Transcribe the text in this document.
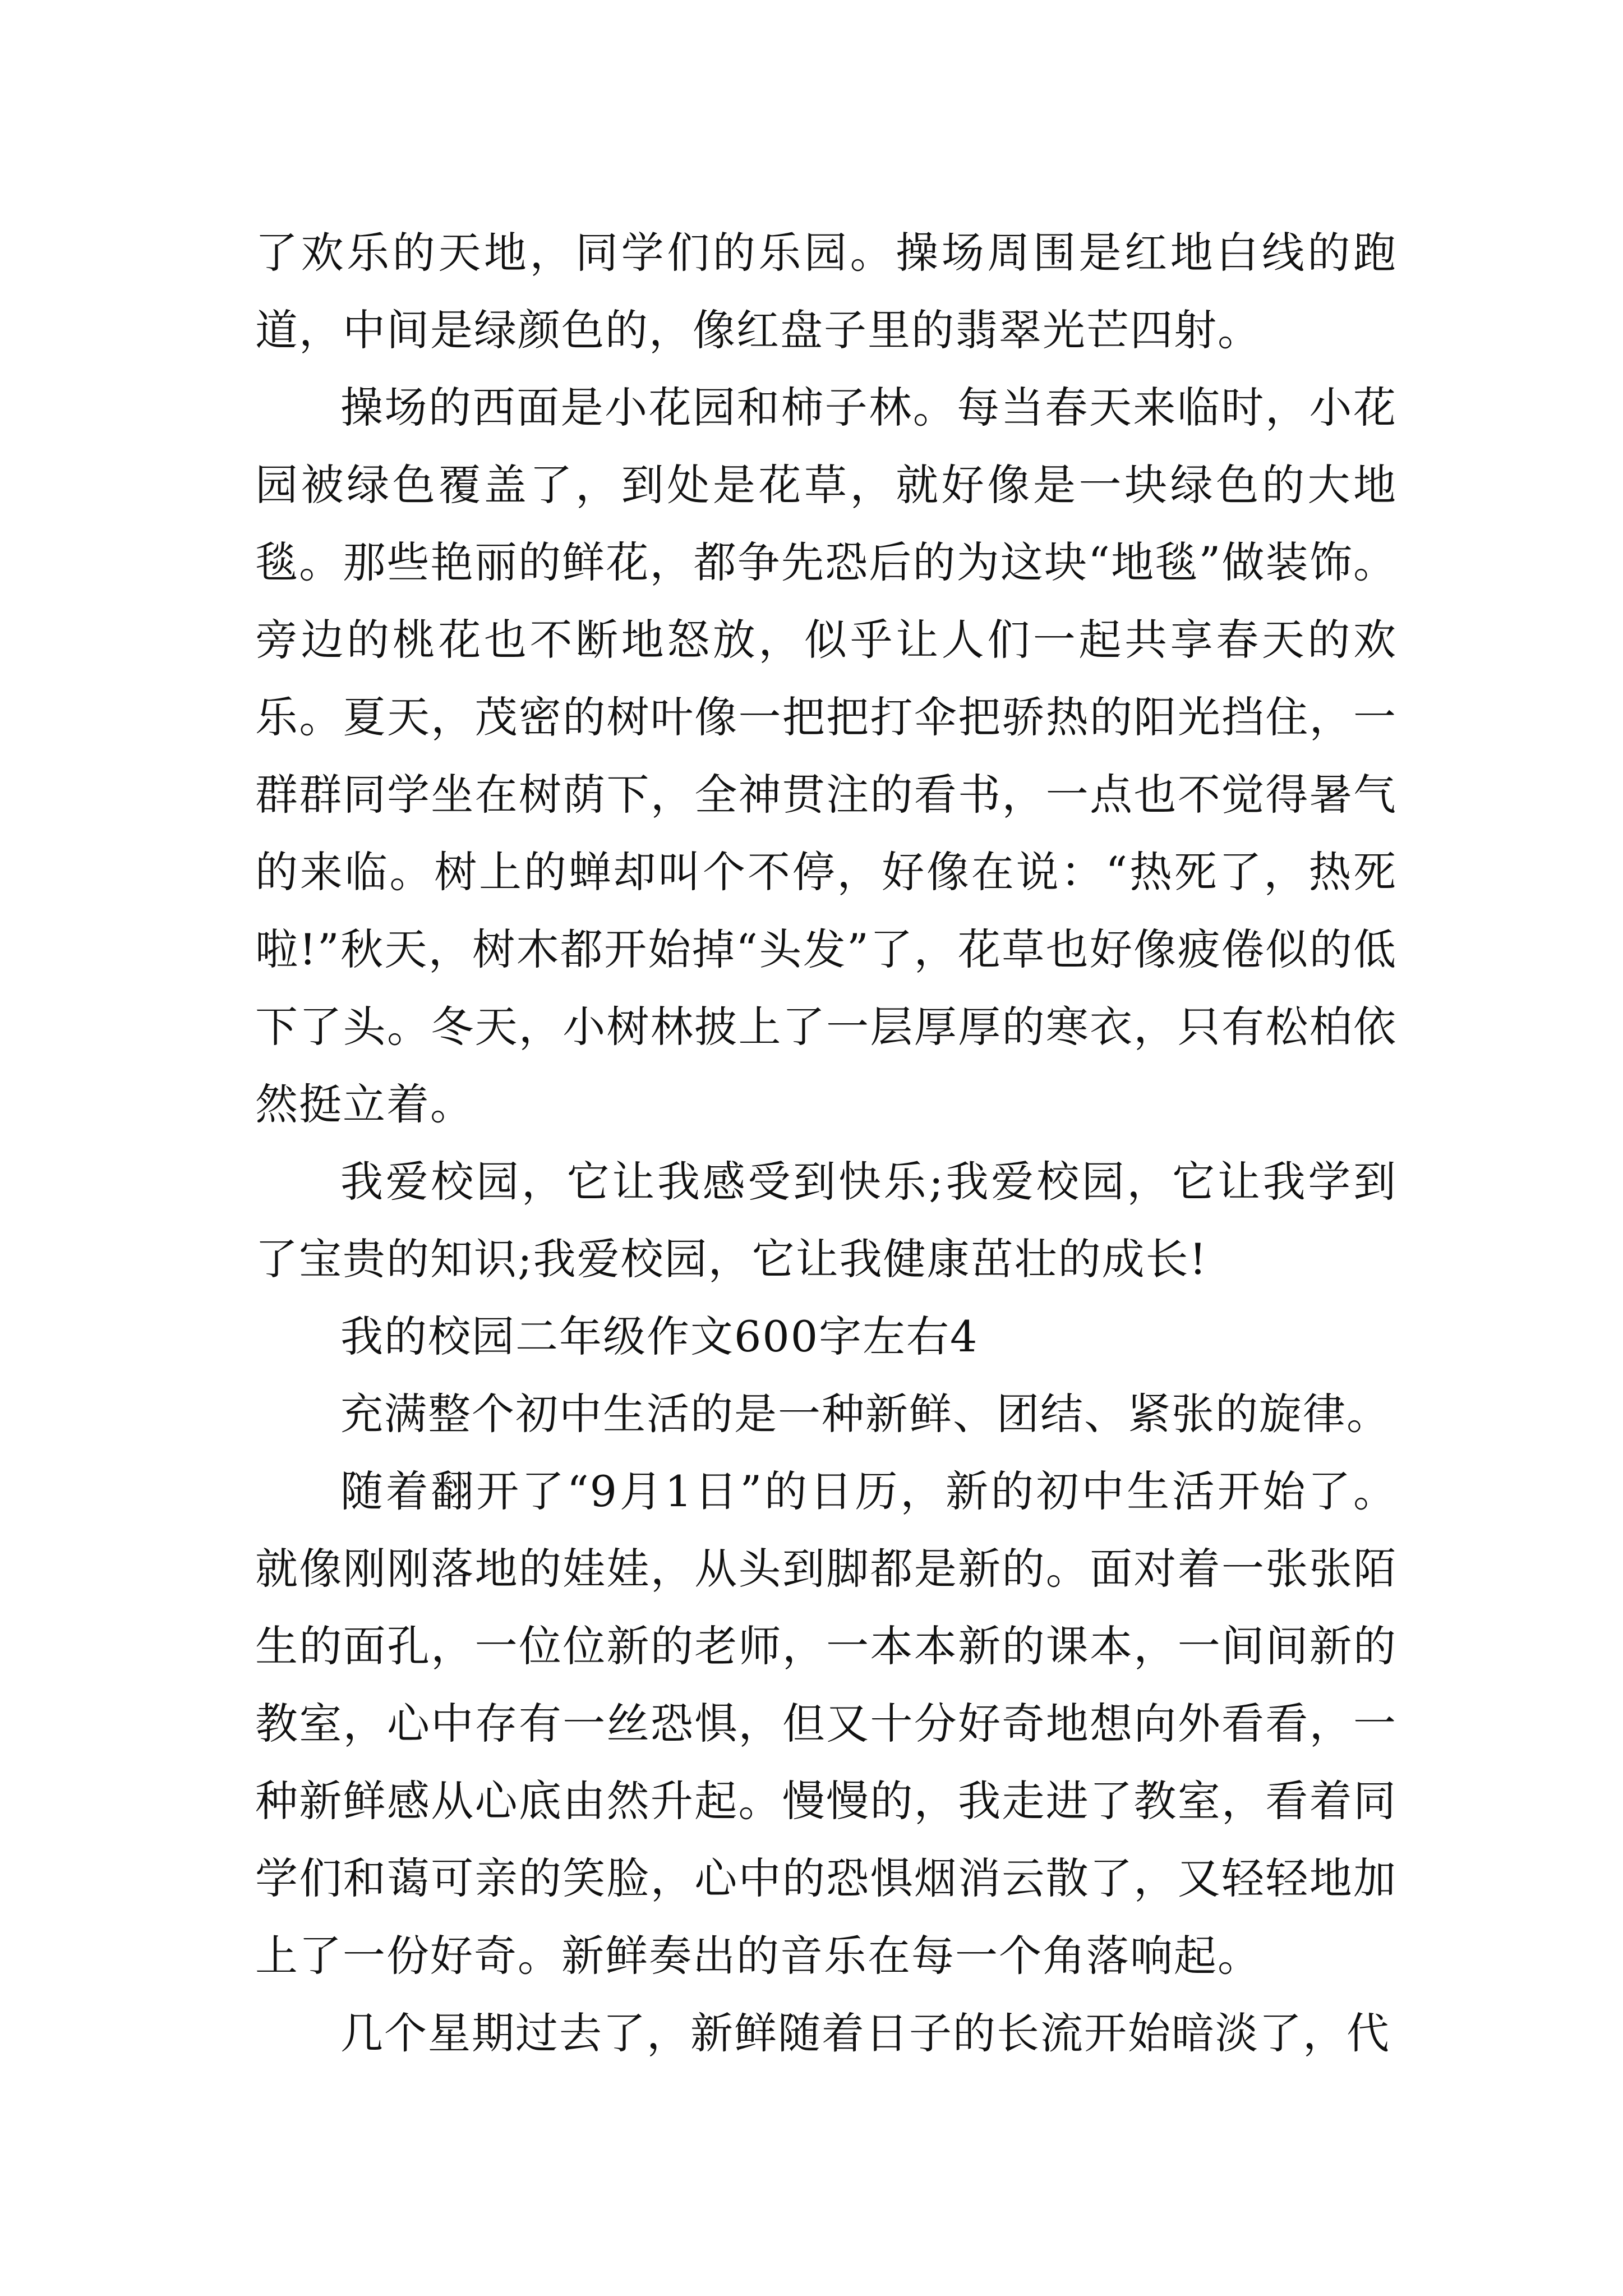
了欢乐的天地，同学们的乐园。操场周围是红地白线的跑道，中间是绿颜色的，像红盘子里的翡翠光芒四射。

操场的西面是小花园和柿子林。每当春天来临时，小花园被绿色覆盖了，到处是花草，就好像是一块绿色的大地毯。那些艳丽的鲜花，都争先恐后的为这块“地毯”做装饰。旁边的桃花也不断地怒放，似乎让人们一起共享春天的欢乐。夏天，茂密的树叶像一把把打伞把骄热的阳光挡住，一群群同学坐在树荫下，全神贯注的看书，一点也不觉得暑气的来临。树上的蝉却叫个不停，好像在说：“热死了，热死啦!”秋天，树木都开始掉“头发”了，花草也好像疲倦似的低下了头。冬天，小树林披上了一层厚厚的寒衣，只有松柏依然挺立着。

我爱校园，它让我感受到快乐;我爱校园，它让我学到了宝贵的知识;我爱校园，它让我健康茁壮的成长!

我的校园二年级作文600字左右4

充满整个初中生活的是一种新鲜、团结、紧张的旋律。

随着翻开了“9月1日”的日历，新的初中生活开始了。就像刚刚落地的娃娃，从头到脚都是新的。面对着一张张陌生的面孔，一位位新的老师，一本本新的课本，一间间新的教室，心中存有一丝恐惧，但又十分好奇地想向外看看，一种新鲜感从心底由然升起。慢慢的，我走进了教室，看着同学们和蔼可亲的笑脸，心中的恐惧烟消云散了，又轻轻地加上了一份好奇。新鲜奏出的音乐在每一个角落响起。

几个星期过去了，新鲜随着日子的长流开始暗淡了，代
